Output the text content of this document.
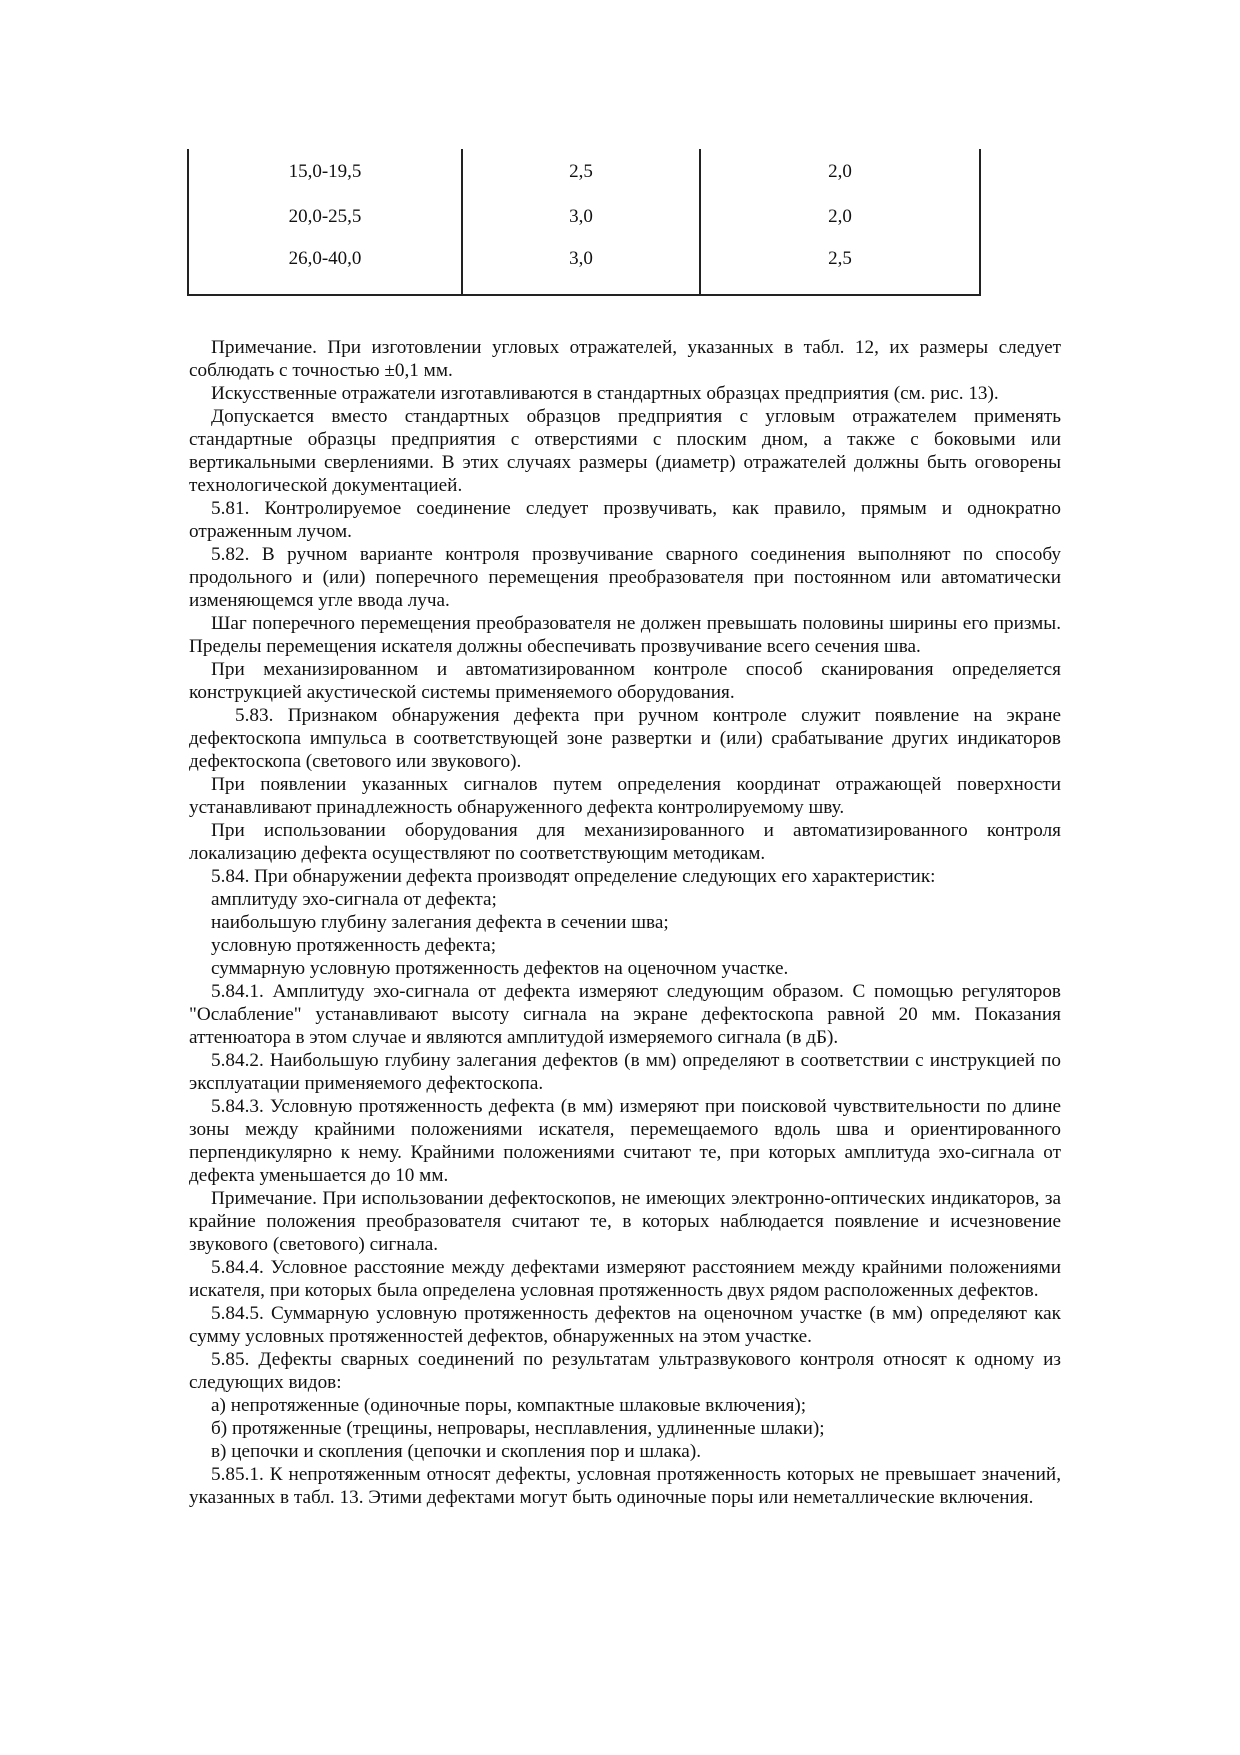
15,0-19,5	2,5	2,0
20,0-25,5	3,0	2,0
26,0-40,0	3,0	2,5

Примечание. При изготовлении угловых отражателей, указанных в табл. 12, их размеры следует соблюдать с точностью ±0,1 мм.

Искусственные отражатели изготавливаются в стандартных образцах предприятия (см. рис. 13).

Допускается вместо стандартных образцов предприятия с угловым отражателем применять стандартные образцы предприятия с отверстиями с плоским дном, а также с боковыми или вертикальными сверлениями. В этих случаях размеры (диаметр) отражателей должны быть оговорены технологической документацией.

5.81. Контролируемое соединение следует прозвучивать, как правило, прямым и однократно отраженным лучом.

5.82. В ручном варианте контроля прозвучивание сварного соединения выполняют по способу продольного и (или) поперечного перемещения преобразователя при постоянном или автоматически изменяющемся угле ввода луча.

Шаг поперечного перемещения преобразователя не должен превышать половины ширины его призмы. Пределы перемещения искателя должны обеспечивать прозвучивание всего сечения шва.

При механизированном и автоматизированном контроле способ сканирования определяется конструкцией акустической системы применяемого оборудования.

5.83. Признаком обнаружения дефекта при ручном контроле служит появление на экране дефектоскопа импульса в соответствующей зоне развертки и (или) срабатывание других индикаторов дефектоскопа (светового или звукового).

При появлении указанных сигналов путем определения координат отражающей поверхности устанавливают принадлежность обнаруженного дефекта контролируемому шву.

При использовании оборудования для механизированного и автоматизированного контроля локализацию дефекта осуществляют по соответствующим методикам.

5.84. При обнаружении дефекта производят определение следующих его характеристик:

амплитуду эхо-сигнала от дефекта;

наибольшую глубину залегания дефекта в сечении шва;

условную протяженность дефекта;

суммарную условную протяженность дефектов на оценочном участке.

5.84.1. Амплитуду эхо-сигнала от дефекта измеряют следующим образом. С помощью регуляторов "Ослабление" устанавливают высоту сигнала на экране дефектоскопа равной 20 мм. Показания аттенюатора в этом случае и являются амплитудой измеряемого сигнала (в дБ).

5.84.2. Наибольшую глубину залегания дефектов (в мм) определяют в соответствии с инструкцией по эксплуатации применяемого дефектоскопа.

5.84.3. Условную протяженность дефекта (в мм) измеряют при поисковой чувствительности по длине зоны между крайними положениями искателя, перемещаемого вдоль шва и ориентированного перпендикулярно к нему. Крайними положениями считают те, при которых амплитуда эхо-сигнала от дефекта уменьшается до 10 мм.

Примечание. При использовании дефектоскопов, не имеющих электронно-оптических индикаторов, за крайние положения преобразователя считают те, в которых наблюдается появление и исчезновение звукового (светового) сигнала.

5.84.4. Условное расстояние между дефектами измеряют расстоянием между крайними положениями искателя, при которых была определена условная протяженность двух рядом расположенных дефектов.

5.84.5. Суммарную условную протяженность дефектов на оценочном участке (в мм) определяют как сумму условных протяженностей дефектов, обнаруженных на этом участке.

5.85. Дефекты сварных соединений по результатам ультразвукового контроля относят к одному из следующих видов:

а) непротяженные (одиночные поры, компактные шлаковые включения);

б) протяженные (трещины, непровары, несплавления, удлиненные шлаки);

в) цепочки и скопления (цепочки и скопления пор и шлака).

5.85.1. К непротяженным относят дефекты, условная протяженность которых не превышает значений, указанных в табл. 13. Этими дефектами могут быть одиночные поры или неметаллические включения.
